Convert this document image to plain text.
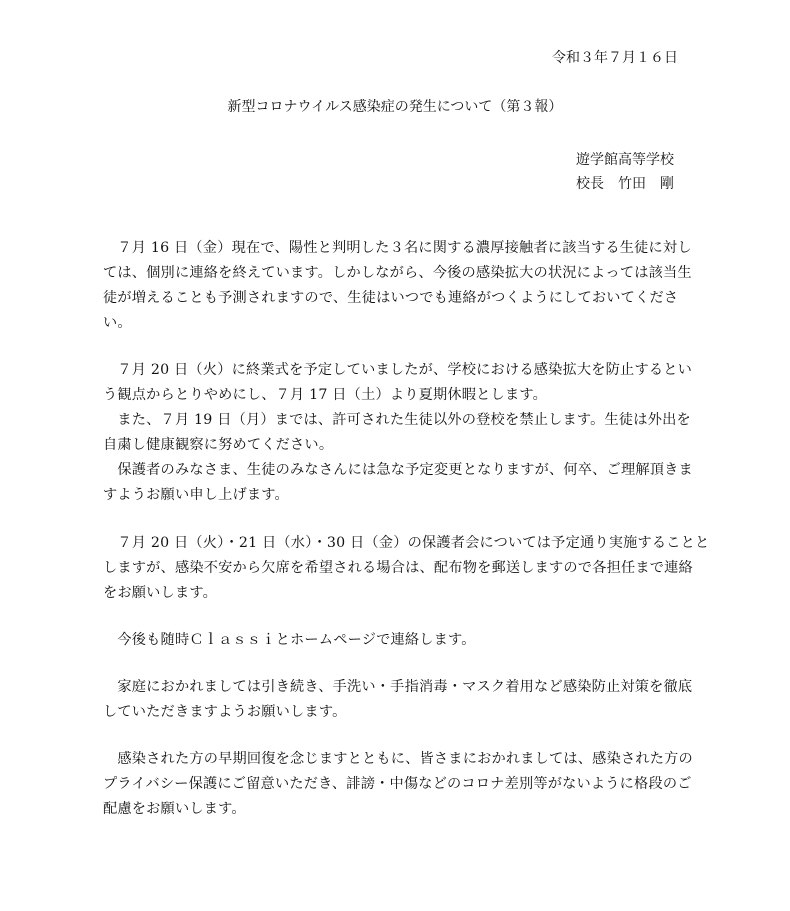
令和３年７月１６日
新型コロナウイルス感染症の発生について（第３報）
遊学館高等学校
校長　竹田　剛
　７月 16 日（金）現在で、陽性と判明した３名に関する濃厚接触者に該当する生徒に対し
ては、個別に連絡を終えています。しかしながら、今後の感染拡大の状況によっては該当生
徒が増えることも予測されますので、生徒はいつでも連絡がつくようにしておいてくださ
い。
　７月 20 日（火）に終業式を予定していましたが、学校における感染拡大を防止するとい
う観点からとりやめにし、７月 17 日（土）より夏期休暇とします。
　また、７月 19 日（月）までは、許可された生徒以外の登校を禁止します。生徒は外出を
自粛し健康観察に努めてください。
　保護者のみなさま、生徒のみなさんには急な予定変更となりますが、何卒、ご理解頂きま
すようお願い申し上げます。
　７月 20 日（火）・21 日（水）・30 日（金）の保護者会については予定通り実施することと
しますが、感染不安から欠席を希望される場合は、配布物を郵送しますので各担任まで連絡
をお願いします。
　今後も随時Ｃｌａｓｓｉとホームページで連絡します。
　家庭におかれましては引き続き、手洗い・手指消毒・マスク着用など感染防止対策を徹底
していただきますようお願いします。
　感染された方の早期回復を念じますとともに、皆さまにおかれましては、感染された方の
プライバシー保護にご留意いただき、誹謗・中傷などのコロナ差別等がないように格段のご
配慮をお願いします。
